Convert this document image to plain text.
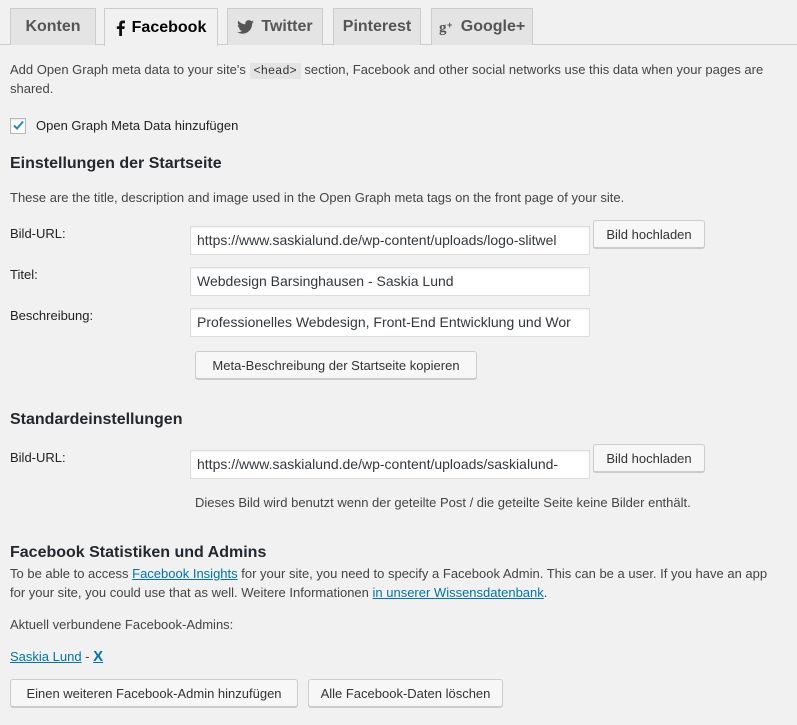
Konten	Facebook	Twitter Pinterest g + Google+
Add Open Graph meta data to your site's <head> section, Facebook and other social networks use this data when your pages are
shared.
Open Graph Meta Data hinzufügen
Einstellungen der Startseite
These are the title, description and image used in the Open Graph meta tags on the front page of your site.
Bild-URL:	https://www.saskialund.de/wp-content/uploads/logo-slitwel	Bild hochladen
Titel:	Webdesign Barsinghausen - Saskia Lund
Beschreibung:	Professionelles Webdesign, Front-End Entwicklung und Wor
Meta-Beschreibung der Startseite kopieren
Standardeinstellungen
Bild-URL:	https://www.saskialund.de/wp-content/uploads/saskialund-	Bild hochladen
Dieses Bild wird benutzt wenn der geteilte Post / die geteilte Seite keine Bilder enthält.
Facebook Statistiken und Admins
To be able to access Facebook Insights for your site, you need to specify a Facebook Admin. This can be a user. If you have an app
for your site, you could use that as well. Weitere Informationen in unserer Wissensdatenbank.
Aktuell verbundene Facebook-Admins:
Saskia Lund - X
Einen weiteren Facebook-Admin hinzufügen	Alle Facebook-Daten löschen
